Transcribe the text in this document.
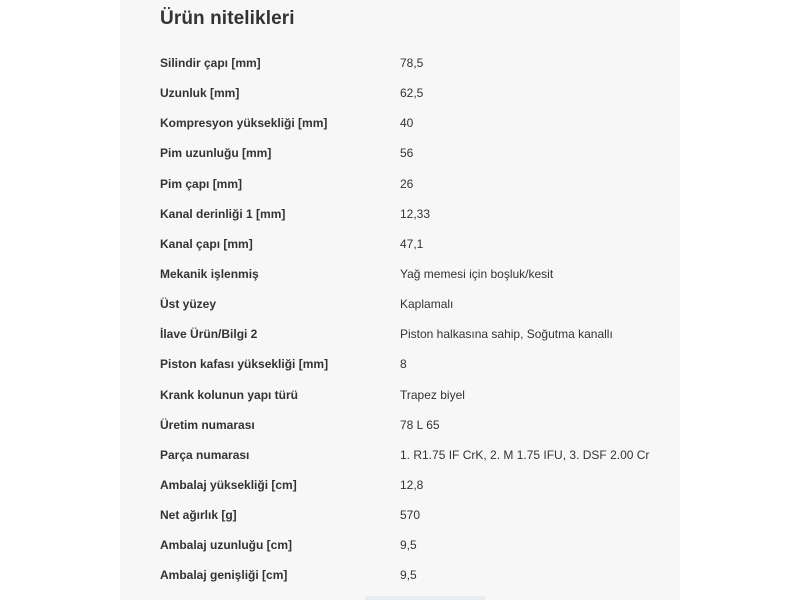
Ürün nitelikleri
Silindir çapı [mm]	78,5
Uzunluk [mm]	62,5
Kompresyon yüksekliği [mm]	40
Pim uzunluğu [mm]	56
Pim çapı [mm]	26
Kanal derinliği 1 [mm]	12,33
Kanal çapı [mm]	47,1
Mekanik işlenmiş	Yağ memesi için boşluk/kesit
Üst yüzey	Kaplamalı
İlave Ürün/Bilgi 2	Piston halkasına sahip, Soğutma kanallı
Piston kafası yüksekliği [mm]	8
Krank kolunun yapı türü	Trapez biyel
Üretim numarası	78 L 65
Parça numarası	1. R1.75 IF CrK, 2. M 1.75 IFU, 3. DSF 2.00 Cr
Ambalaj yüksekliği [cm]	12,8
Net ağırlık [g]	570
Ambalaj uzunluğu [cm]	9,5
Ambalaj genişliği [cm]	9,5
